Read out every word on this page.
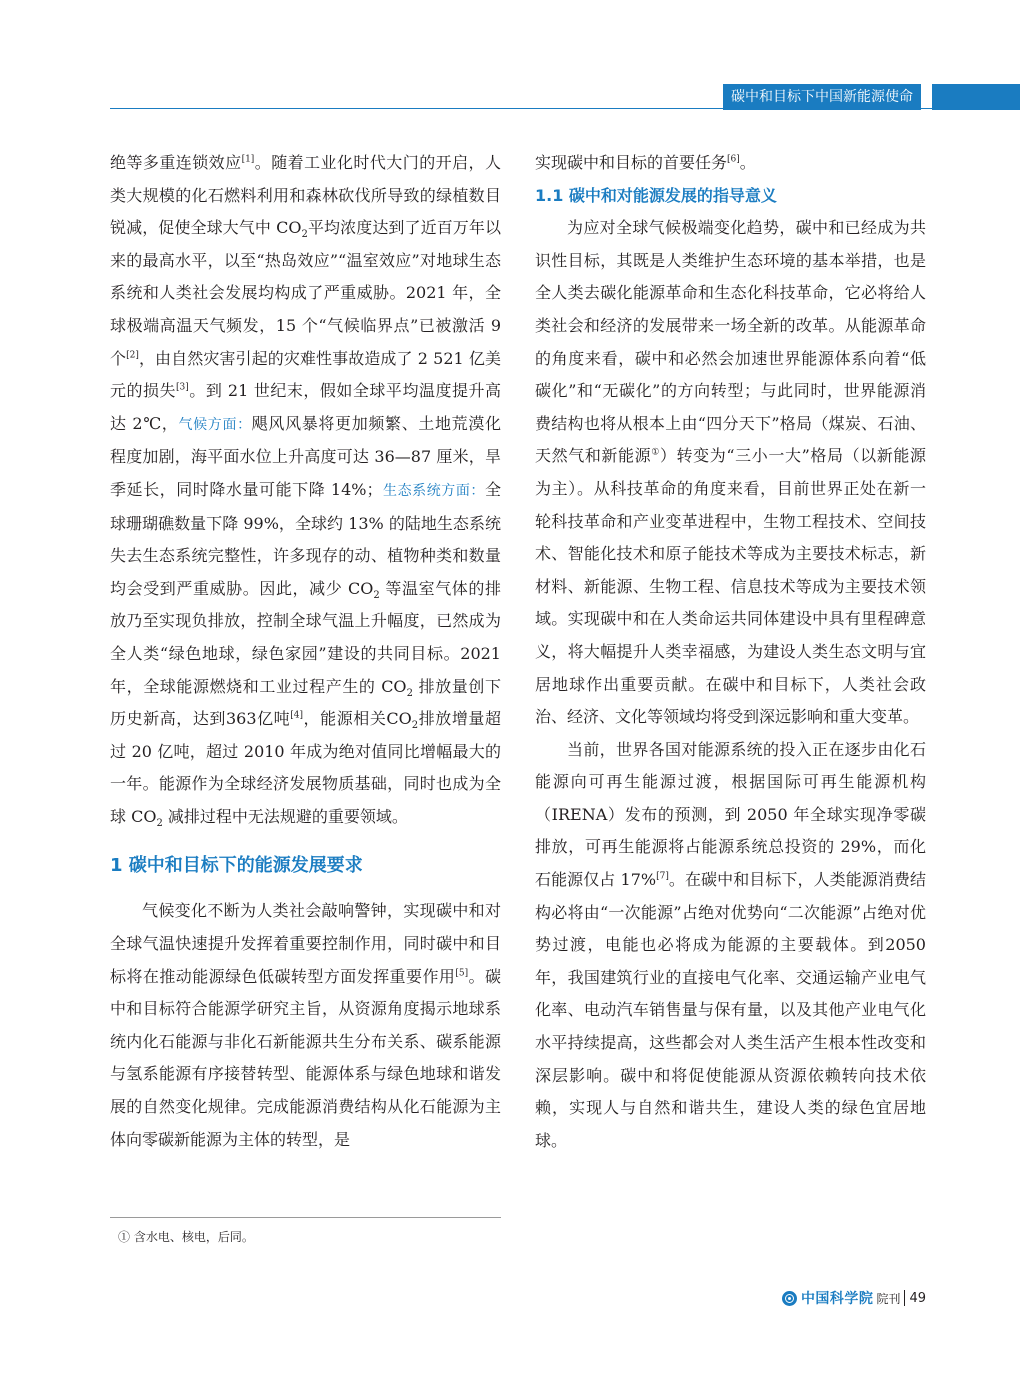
碳中和目标下中国新能源使命

绝等多重连锁效应[1]。随着工业化时代大门的开启，人类大规模的化石燃料利用和森林砍伐所导致的绿植数目锐减，促使全球大气中 $CO_2$平均浓度达到了近百万年以来的最高水平，以至“热岛效应”“温室效应”对地球生态系统和人类社会发展均构成了严重威胁。2021 年，全球极端高温天气频发，15 个“气候临界点”已被激活 9 个[2]，由自然灾害引起的灾难性事故造成了 2 521 亿美元的损失[3]。到 21 世纪末，假如全球平均温度提升高达 2℃，气候方面：飓风风暴将更加频繁、土地荒漠化程度加剧，海平面水位上升高度可达 36—87 厘米，旱季延长，同时降水量可能下降 14%；生态系统方面：全球珊瑚礁数量下降 99%，全球约 13% 的陆地生态系统失去生态系统完整性，许多现存的动、植物种类和数量均会受到严重威胁。因此，减少 $CO_2$ 等温室气体的排放乃至实现负排放，控制全球气温上升幅度，已然成为全人类“绿色地球，绿色家园”建设的共同目标。2021 年，全球能源燃烧和工业过程产生的 $CO_2$ 排放量创下历史新高，达到363亿吨[4]，能源相关$CO_2$排放增量超过 20 亿吨，超过 2010 年成为绝对值同比增幅最大的一年。能源作为全球经济发展物质基础，同时也成为全球 $CO_2$ 减排过程中无法规避的重要领域。

1 碳中和目标下的能源发展要求

气候变化不断为人类社会敲响警钟，实现碳中和对全球气温快速提升发挥着重要控制作用，同时碳中和目标将在推动能源绿色低碳转型方面发挥重要作用[5]。碳中和目标符合能源学研究主旨，从资源角度揭示地球系统内化石能源与非化石新能源共生分布关系、碳系能源与氢系能源有序接替转型、能源体系与绿色地球和谐发展的自然变化规律。完成能源消费结构从化石能源为主体向零碳新能源为主体的转型，是

实现碳中和目标的首要任务[6]。

1.1 碳中和对能源发展的指导意义

为应对全球气候极端变化趋势，碳中和已经成为共识性目标，其既是人类维护生态环境的基本举措，也是全人类去碳化能源革命和生态化科技革命，它必将给人类社会和经济的发展带来一场全新的改革。从能源革命的角度来看，碳中和必然会加速世界能源体系向着“低碳化”和“无碳化”的方向转型；与此同时，世界能源消费结构也将从根本上由“四分天下”格局（煤炭、石油、天然气和新能源①）转变为“三小一大”格局（以新能源为主）。从科技革命的角度来看，目前世界正处在新一轮科技革命和产业变革进程中，生物工程技术、空间技术、智能化技术和原子能技术等成为主要技术标志，新材料、新能源、生物工程、信息技术等成为主要技术领域。实现碳中和在人类命运共同体建设中具有里程碑意义，将大幅提升人类幸福感，为建设人类生态文明与宜居地球作出重要贡献。在碳中和目标下，人类社会政治、经济、文化等领域均将受到深远影响和重大变革。

当前，世界各国对能源系统的投入正在逐步由化石能源向可再生能源过渡，根据国际可再生能源机构（IRENA）发布的预测，到 2050 年全球实现净零碳排放，可再生能源将占能源系统总投资的 29%，而化石能源仅占 17%[7]。在碳中和目标下，人类能源消费结构必将由“一次能源”占绝对优势向“二次能源”占绝对优势过渡，电能也必将成为能源的主要载体。到2050 年，我国建筑行业的直接电气化率、交通运输产业电气化率、电动汽车销售量与保有量，以及其他产业电气化水平持续提高，这些都会对人类生活产生根本性改变和深层影响。碳中和将促使能源从资源依赖转向技术依赖，实现人与自然和谐共生，建设人类的绿色宜居地球。

① 含水电、核电，后同。
中国科学院 院刊 49
